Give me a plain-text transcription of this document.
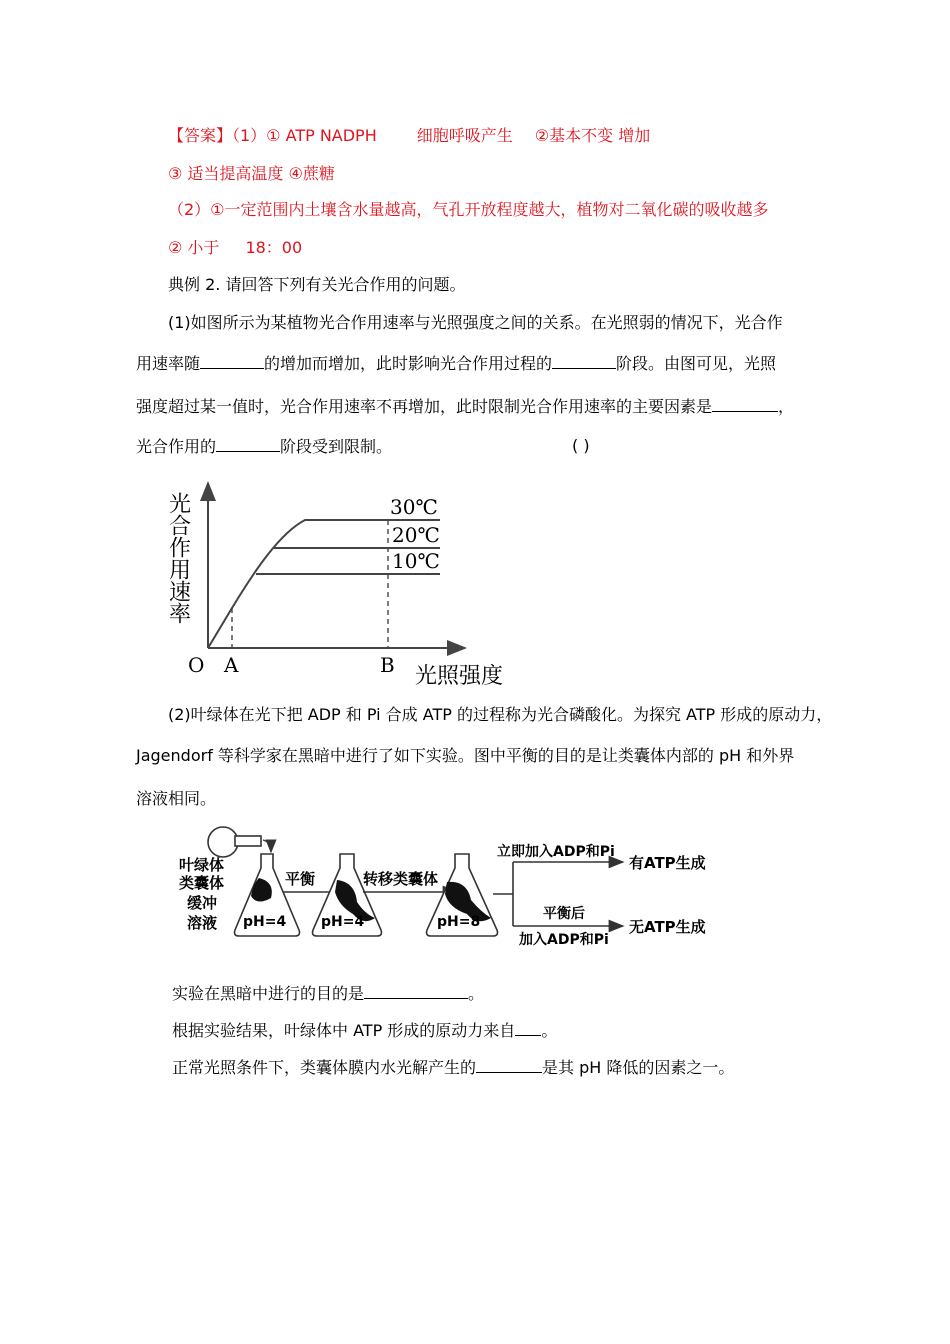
【答案】（1）① ATP NADPH	细胞呼吸产生 ②基本不变 增加
③ 适当提高温度 ④蔗糖
（2）①一定范围内土壤含水量越高，气孔开放程度越大，植物对二氧化碳的吸收越多
② 小于 18：00
典例 2. 请回答下列有关光合作用的问题。
(1)如图所示为某植物光合作用速率与光照强度之间的关系。在光照弱的情况下，光合作
用速率随	的增加而增加，此时影响光合作用过程的	阶段。由图可见，光照
强度超过某一值时，光合作用速率不再增加，此时限制光合作用速率的主要因素是	，
光合作用的	阶段受到限制。	( )
30℃
20℃
10℃
O A	B 光照强度
光合作用速率
(2)叶绿体在光下把 ADP 和 Pi 合成 ATP 的过程称为光合磷酸化。为探究 ATP 形成的原动力，
Jagendorf 等科学家在黑暗中进行了如下实验。图中平衡的目的是让类囊体内部的 pH 和外界
溶液相同。
叶绿体
类囊体
缓冲
溶液 pH=4
平衡
pH=4
转移类囊体
pH=8
立即加入ADP和Pi
有ATP生成
平衡后
加入ADP和Pi
无ATP生成
实验在黑暗中进行的目的是	。
根据实验结果，叶绿体中 ATP 形成的原动力来自 。
正常光照条件下，类囊体膜内水光解产生的	是其 pH 降低的因素之一。
